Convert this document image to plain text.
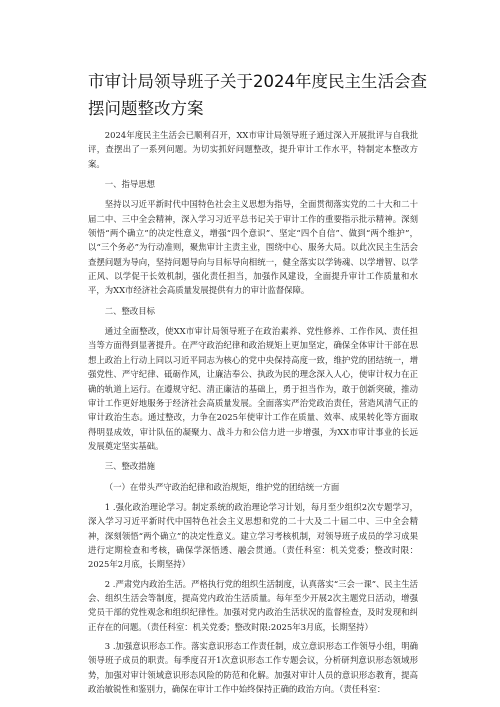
市审计局领导班子关于2024年度民主生活会查摆问题整改方案

2024年度民主生活会已顺利召开，XX市审计局领导班子通过深入开展批评与自我批评，查摆出了一系列问题。为切实抓好问题整改，提升审计工作水平，特制定本整改方案。

一、指导思想

坚持以习近平新时代中国特色社会主义思想为指导，全面贯彻落实党的二十大和二十届二中、三中全会精神，深入学习习近平总书记关于审计工作的重要指示批示精神。深刻领悟“两个确立”的决定性意义，增强“四个意识”、坚定“四个自信”、做到“两个维护”，以“三个务必”为行动准则，聚焦审计主责主业，围绕中心、服务大局。以此次民主生活会查摆问题为导向，坚持问题导向与目标导向相统一，健全落实以学铸魂、以学增智、以学正风、以学促干长效机制，强化责任担当，加强作风建设，全面提升审计工作质量和水平，为XX市经济社会高质量发展提供有力的审计监督保障。

二、整改目标

通过全面整改，使XX市审计局领导班子在政治素养、党性修养、工作作风、责任担当等方面得到显著提升。在严守政治纪律和政治规矩上更加坚定，确保全体审计干部在思想上政治上行动上同以习近平同志为核心的党中央保持高度一致，维护党的团结统一，增强党性、严守纪律、砥砺作风，让廉洁奉公、执政为民的理念深入人心，使审计权力在正确的轨道上运行。在遵规守纪、清正廉洁的基础上，勇于担当作为，敢于创新突破，推动审计工作更好地服务于经济社会高质量发展。全面落实严治党政治责任，营造风清气正的审计政治生态。通过整改，力争在2025年使审计工作在质量、效率、成果转化等方面取得明显成效，审计队伍的凝聚力、战斗力和公信力进一步增强，为XX市审计事业的长远发展奠定坚实基础。

三、整改措施

（一）在带头严守政治纪律和政治规矩，维护党的团结统一方面

1 .强化政治理论学习。制定系统的政治理论学习计划，每月至少组织2次专题学习，深入学习习近平新时代中国特色社会主义思想和党的二十大及二十届二中、三中全会精神，深刻领悟“两个确立”的决定性意义。建立学习考核机制，对领导班子成员的学习成果进行定期检查和考核，确保学深悟透、融会贯通。（责任科室：机关党委；整改时限：2025年2月底，长期坚持）

2 .严肃党内政治生活。严格执行党的组织生活制度，认真落实“三会一课”、民主生活会、组织生活会等制度，提高党内政治生活质量。每年至少开展2次主题党日活动，增强党员干部的党性观念和组织纪律性。加强对党内政治生活状况的监督检查，及时发现和纠正存在的问题。（责任科室：机关党委；整改时限:2025年3月底，长期坚持）

3 .加强意识形态工作。落实意识形态工作责任制，成立意识形态工作领导小组，明确领导班子成员的职责。每季度召开1次意识形态工作专题会议，分析研判意识形态领域形势，加强对审计领域意识形态风险的防范和化解。加强对审计人员的意识形态教育，提高政治敏锐性和鉴别力，确保在审计工作中始终保持正确的政治方向。（责任科室：
